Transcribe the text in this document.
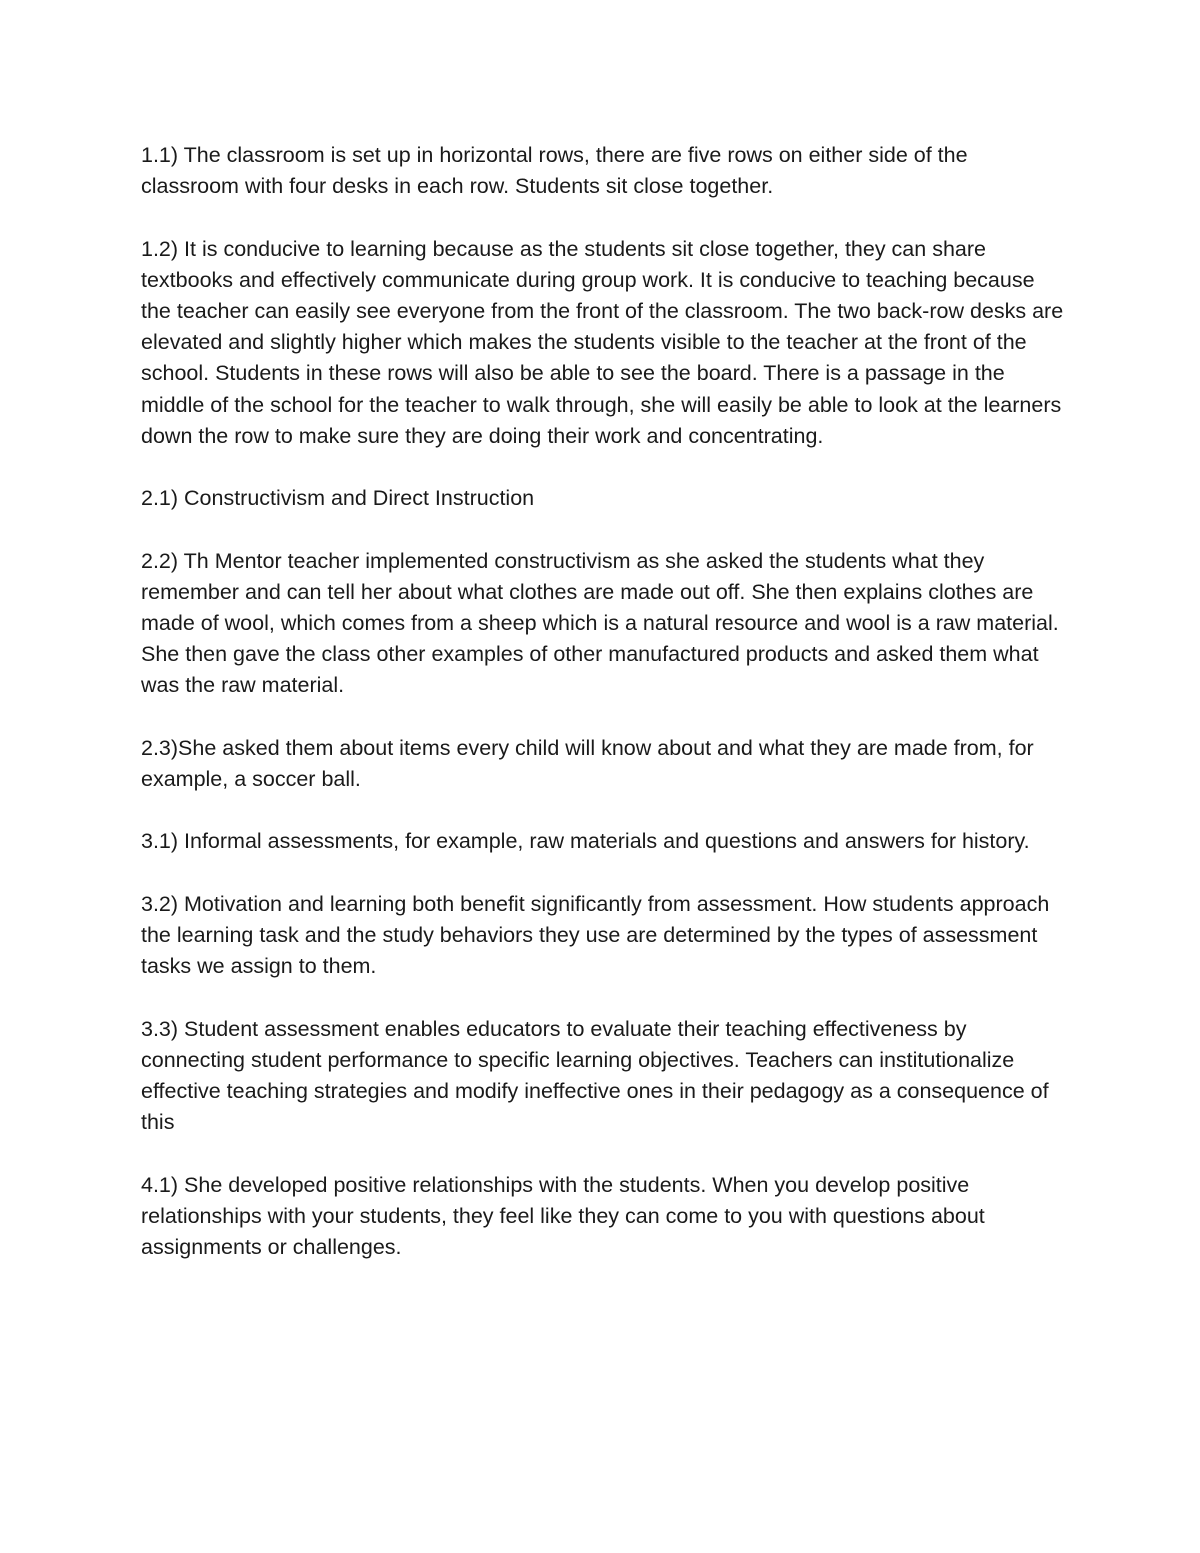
1.1) The classroom is set up in horizontal rows, there are five rows on either side of the classroom with four desks in each row. Students sit close together.

1.2) It is conducive to learning because as the students sit close together, they can share textbooks and effectively communicate during group work. It is conducive to teaching because the teacher can easily see everyone from the front of the classroom. The two back-row desks are elevated and slightly higher which makes the students visible to the teacher at the front of the school. Students in these rows will also be able to see the board. There is a passage in the middle of the school for the teacher to walk through, she will easily be able to look at the learners down the row to make sure they are doing their work and concentrating.

2.1) Constructivism and Direct Instruction

2.2) Th Mentor teacher implemented constructivism as she asked the students what they remember and can tell her about what clothes are made out off. She then explains clothes are made of wool, which comes from a sheep which is a natural resource and wool is a raw material. She then gave the class other examples of other manufactured products and asked them what was the raw material.

2.3)She asked them about items every child will know about and what they are made from, for example, a soccer ball.

3.1) Informal assessments, for example, raw materials and questions and answers for history.

3.2) Motivation and learning both benefit significantly from assessment. How students approach the learning task and the study behaviors they use are determined by the types of assessment tasks we assign to them.

3.3) Student assessment enables educators to evaluate their teaching effectiveness by connecting student performance to specific learning objectives. Teachers can institutionalize effective teaching strategies and modify ineffective ones in their pedagogy as a consequence of this

4.1) She developed positive relationships with the students. When you develop positive relationships with your students, they feel like they can come to you with questions about assignments or challenges.
